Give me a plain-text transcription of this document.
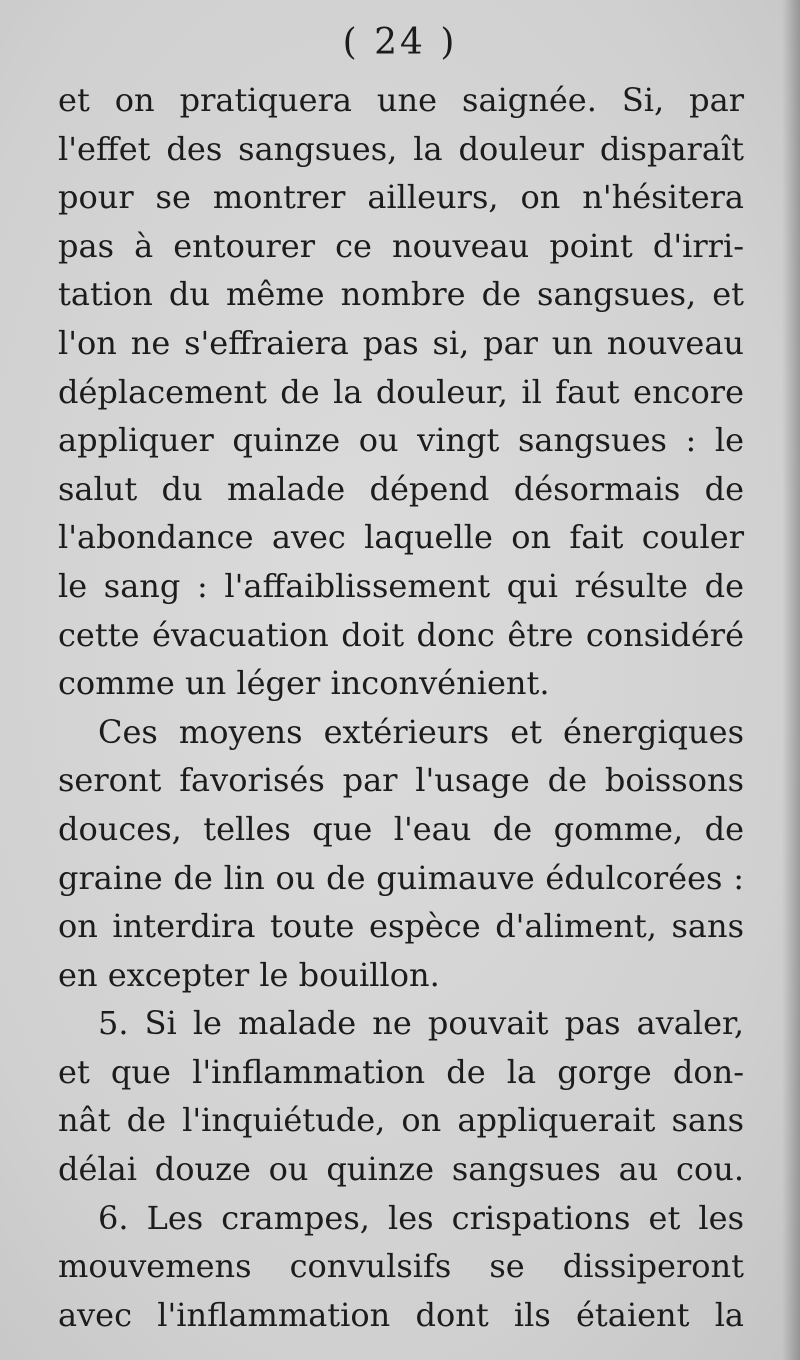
( 24 )
et on pratiquera une saignée. Si, par
l'effet des sangsues, la douleur disparaît
pour se montrer ailleurs, on n'hésitera
pas à entourer ce nouveau point d'irri-
tation du même nombre de sangsues, et
l'on ne s'effraiera pas si, par un nouveau
déplacement de la douleur, il faut encore
appliquer quinze ou vingt sangsues : le
salut du malade dépend désormais de
l'abondance avec laquelle on fait couler
le sang : l'affaiblissement qui résulte de
cette évacuation doit donc être considéré
comme un léger inconvénient.
Ces moyens extérieurs et énergiques
seront favorisés par l'usage de boissons
douces, telles que l'eau de gomme, de
graine de lin ou de guimauve édulcorées :
on interdira toute espèce d'aliment, sans
en excepter le bouillon.
5. Si le malade ne pouvait pas avaler,
et que l'inflammation de la gorge don-
nât de l'inquiétude, on appliquerait sans
délai douze ou quinze sangsues au cou.
6. Les crampes, les crispations et les
mouvemens convulsifs se dissiperont
avec l'inflammation dont ils étaient la
